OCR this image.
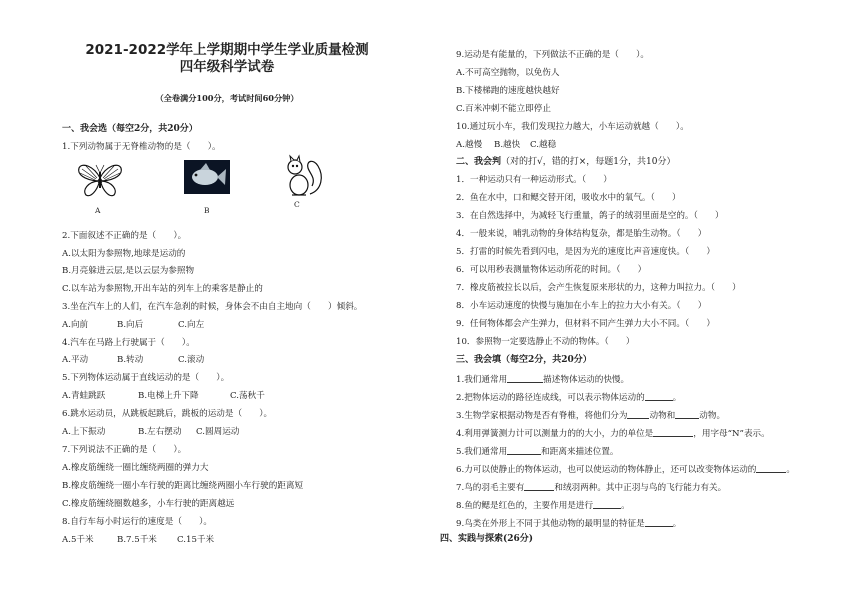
2021-2022学年上学期期中学生学业质量检测
四年级科学试卷
（全卷满分100分，考试时间60分钟）
一、我会选（每空2分，共20分）
1.下列动物属于无脊椎动物的是（　　）。
A	B
C
2.下面叙述不正确的是（　　）。
A.以太阳为参照物,地球是运动的
B.月亮躲进云层,是以云层为参照物
C.以车站为参照物,开出车站的列车上的乘客是静止的
3.坐在汽车上的人们，在汽车急刹的时候，身体会不由自主地向（　　）倾斜。
A.向前	B.向后	C.向左
4.汽车在马路上行驶属于（　　）。
A.平动	B.转动	C.滚动
5.下列物体运动属于直线运动的是（　　）。
A.青蛙跳跃	B.电梯上升下降	C.荡秋千
6.跳水运动员，从跳板起跳后，跳板的运动是（　　）。
A.上下振动	B.左右摆动 C.圆周运动
7.下列说法不正确的是（　　）。
A.橡皮筋缠绕一圈比缠绕两圈的弹力大
B.橡皮筋缠绕一圈小车行驶的距离比缠绕两圈小车行驶的距离短
C.橡皮筋缠绕圈数越多，小车行驶的距离越远
8.自行车每小时运行的速度是（　　）。
A.5千米	B.7.5千米 C.15千米
9.运动是有能量的，下列做法不正确的是（　　）。
A.不可高空抛物，以免伤人
B.下楼梯跑的速度越快越好
C.百米冲刺不能立即停止
10.通过玩小车，我们发现拉力越大，小车运动就越（　　）。
A.越慢 B.越快 C.越稳
二、我会判（对的打√，错的打×，每题1分，共10分）
1．一种运动只有一种运动形式。（　　）
2．鱼在水中，口和鳃交替开闭，吸收水中的氧气。（　　）
3．在自然选择中，为减轻飞行重量，鸽子的绒羽里面是空的。（　　）
4．一般来说，哺乳动物的身体结构复杂，都是胎生动物。（　　）
5．打雷的时候先看到闪电，是因为光的速度比声音速度快。（　　）
6．可以用秒表测量物体运动所花的时间。（　　）
7．橡皮筋被拉长以后，会产生恢复原来形状的力，这种力叫拉力。（　　）
8．小车运动速度的快慢与施加在小车上的拉力大小有关。（　　）
9．任何物体都会产生弹力，但材料不同产生弹力大小不同。（　　）
10．参照物一定要选静止不动的物体。（　　）
三、我会填（每空2分，共20分）
1.我们通常用	描述物体运动的快慢。
2.把物体运动的路径连成线，可以表示物体运动的	。
3.生物学家根据动物是否有脊椎，将他们分为	动物和	动物。
4.利用弹簧测力计可以测量力的的大小，力的单位是	，用字母“N”表示。
5.我们通常用	和距离来描述位置。
6.力可以使静止的物体运动，也可以使运动的物体静止，还可以改变物体运动的	。
7.鸟的羽毛主要有	和绒羽两种。其中正羽与鸟的飞行能力有关。
8.鱼的鳃是红色的，主要作用是进行	。
9.鸟类在外形上不同于其他动物的最明显的特征是	。
四、实践与探索(26分)
